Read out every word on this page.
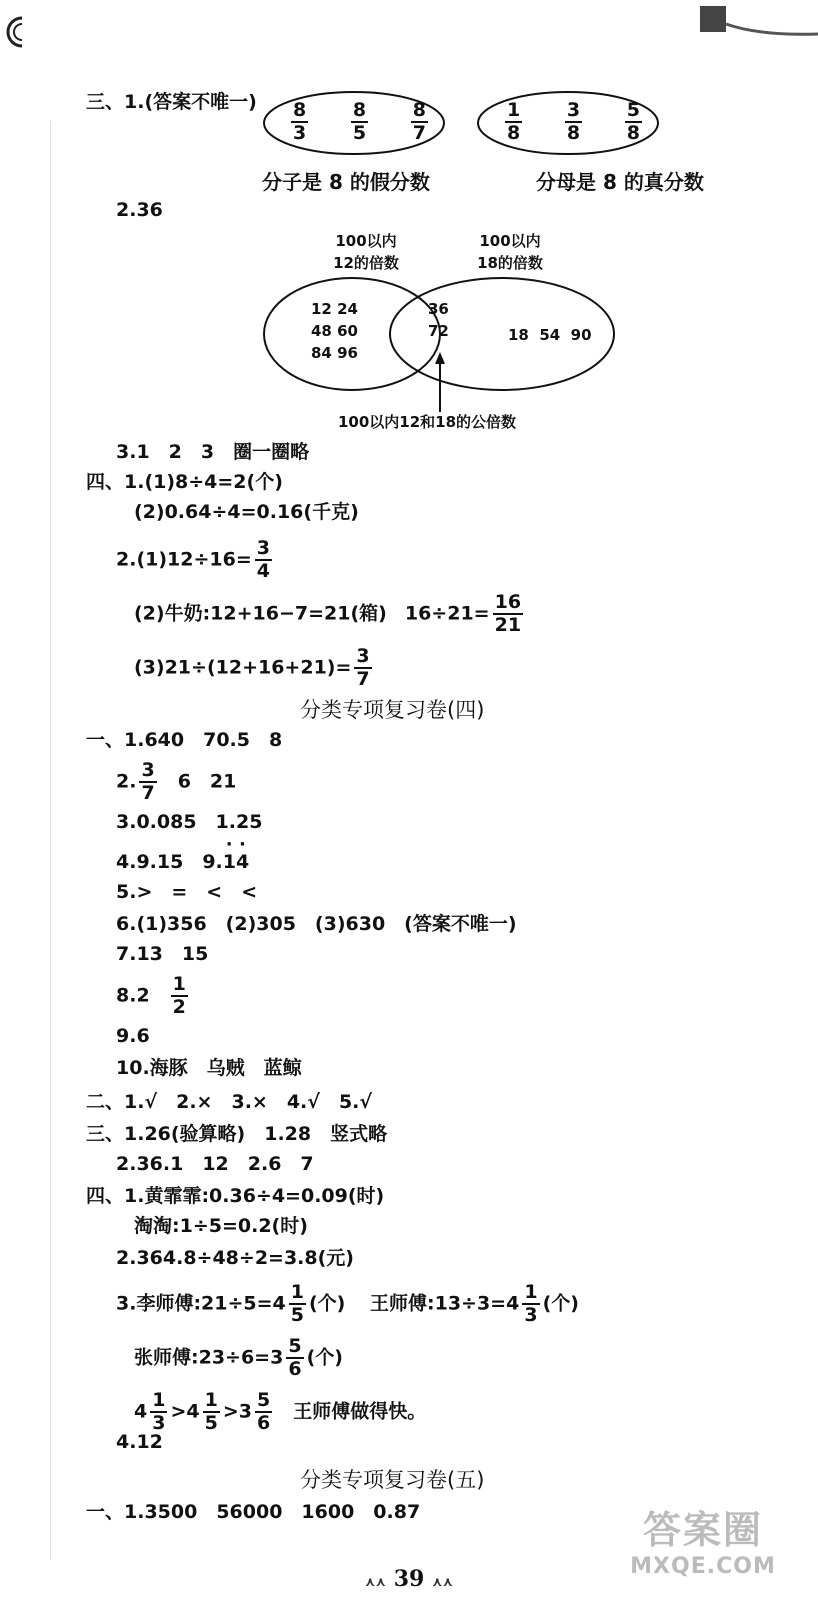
三、1.(答案不唯一) $\frac{8}{3}$
$\frac{8}{5}$
$\frac{8}{7}$	$\frac{1}{8}$
$\frac{3}{8}$
$\frac{5}{8}$
分子是 8 的假分数	分母是 8 的真分数
2.36
100以内
12的倍数
100以内
18的倍数
12 24
48 60
84 96
36
72	18  54  90
100以内12和18的公倍数
3.1　2　3　圈一圈略
四、1.(1)8÷4=2(个)
(2)0.64÷4=0.16(千克)
$2.(1)12\div 16= \frac{3}{4}$
(2)牛奶:12+16−7=21(箱) $16\div 21= \frac{16}{21}$
$(3)21\div(12+16+21)= \frac{3}{7}$
分类专项复习卷(四)
一、1.640　70.5　8
2. $\frac{3}{7} 6$　21
3.0.085　1.25
4.9.15　9.· 1· 4
5.>　=　<　<
6.(1)356　(2)305　(3)630　(答案不唯一)
7.13　15
$8.2 \frac{1}{2}$
9.6
10.海豚　乌贼　蓝鲸
二、1.√　2.×　3.×　4.√　5.√
三、1.26(验算略)　1.28　竖式略
2.36.1　12　2.6　7
四、1.黄霏霏:0.36÷4=0.09(时)
淘淘:1÷5=0.2(时)
2.364.8÷48÷2=3.8(元)
3.李师傅:21÷5=4 $\frac{1}{5}$ (个) 王师傅:13÷3=4 $\frac{1}{3}$ (个)
张师傅:23÷6=3 $\frac{5}{6}$ (个)
$4 \frac{1}{3} >4 \frac{1}{5} >3 \frac{5}{6}$ 王师傅做得快。
4.12
分类专项复习卷(五)
一、1.3500　56000　1600　0.87
⋏⋏ 39 ⋏⋏
答案圈
MXQE.COM
